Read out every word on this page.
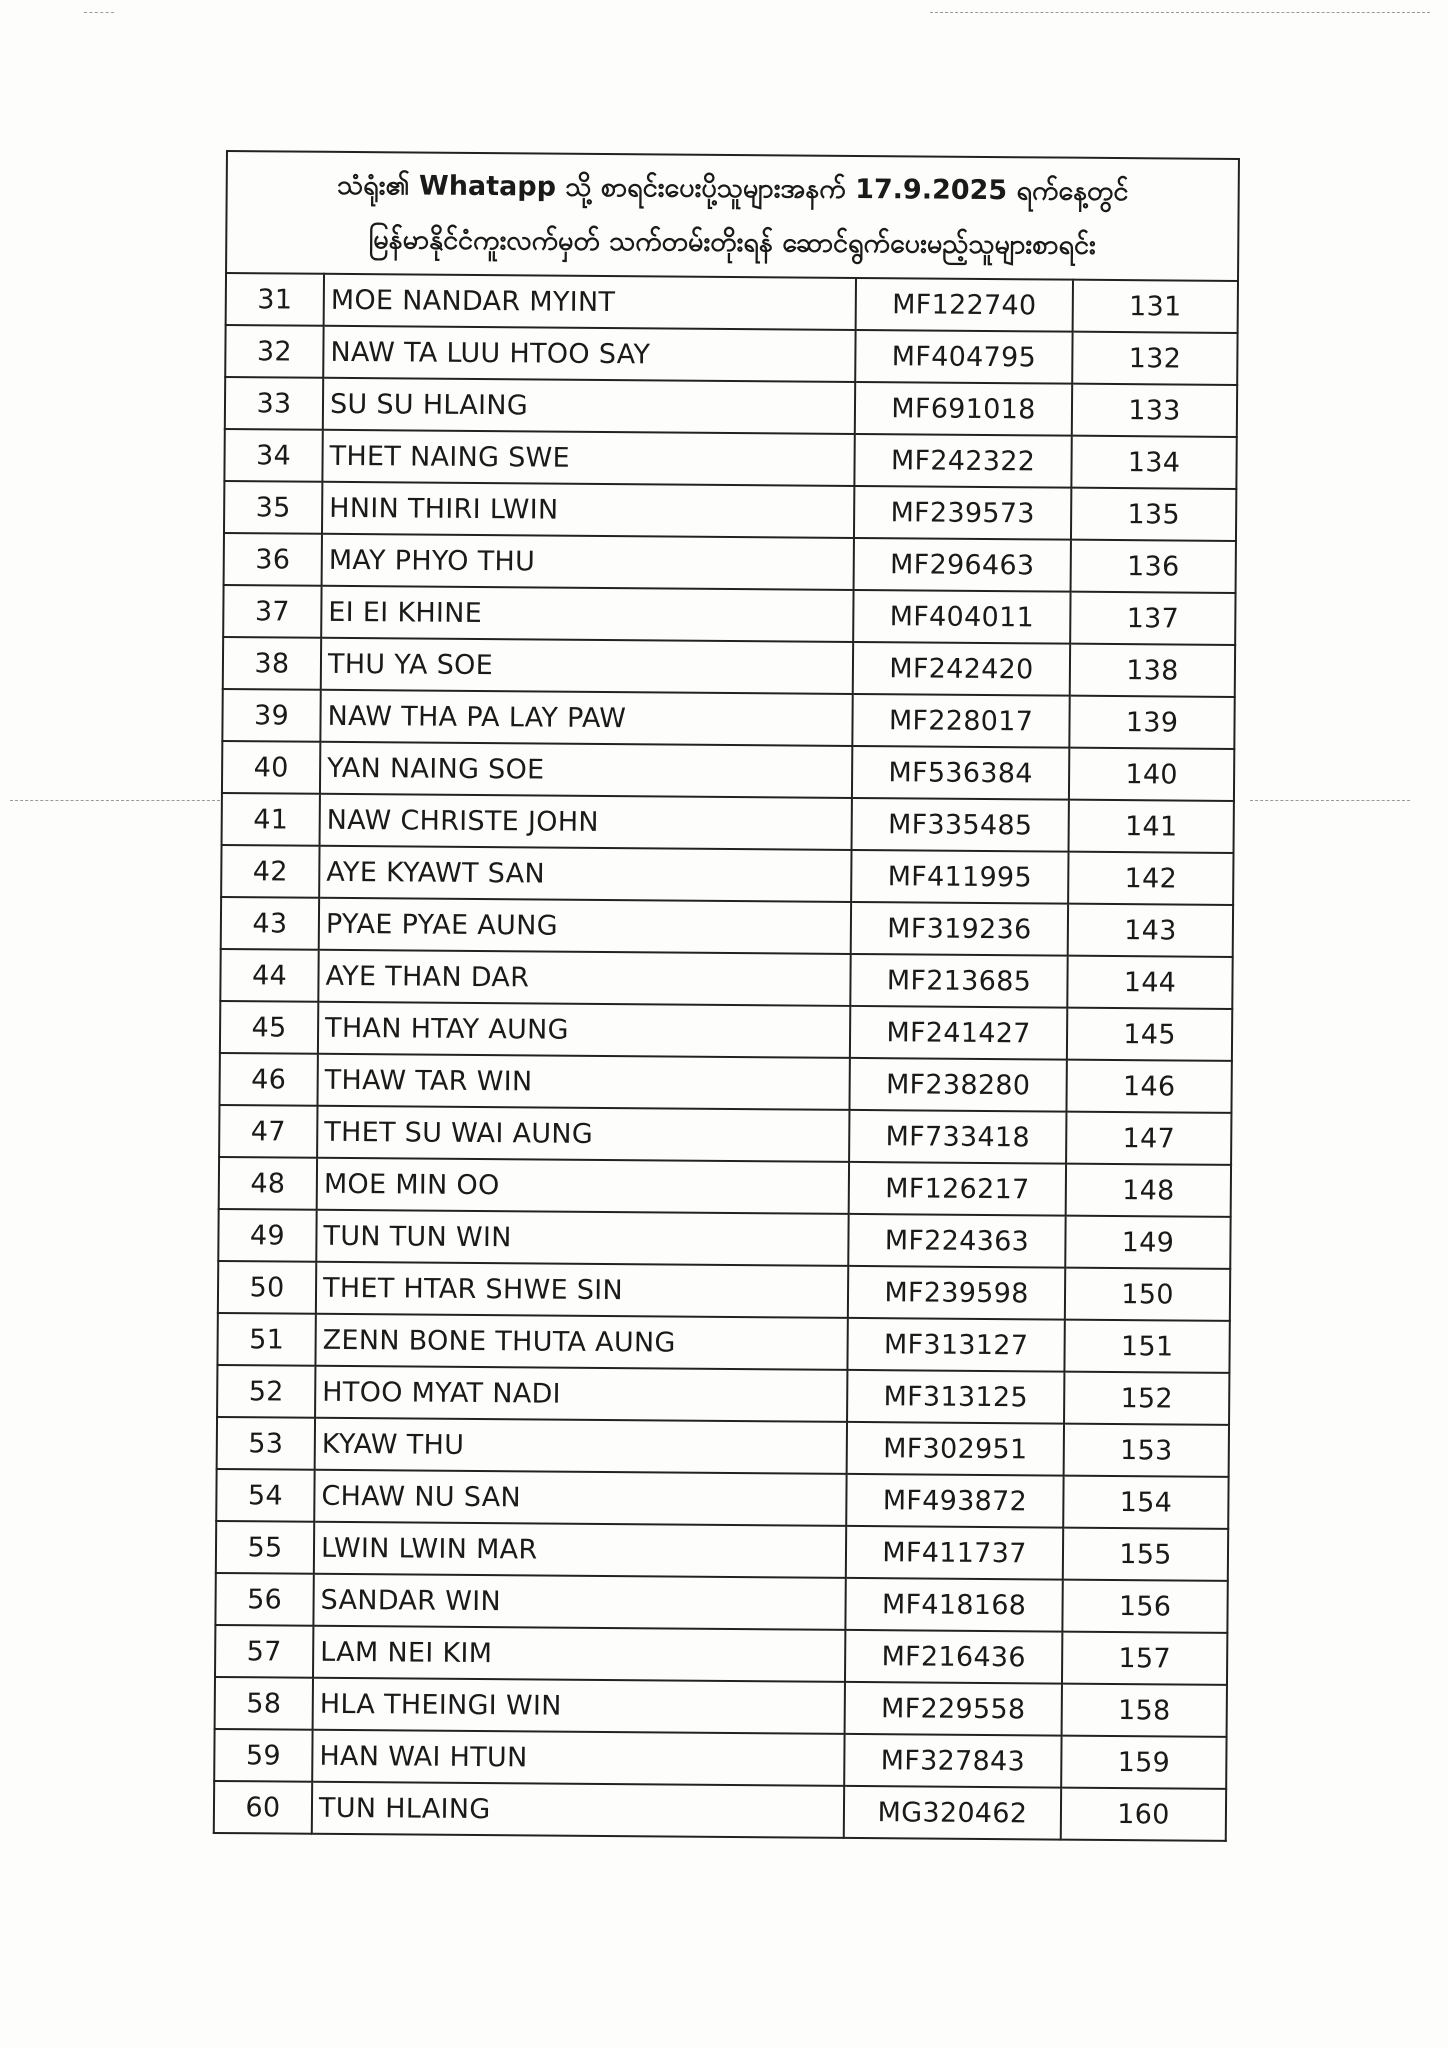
သံရုံး၏ Whatapp သို့ စာရင်းပေးပို့သူများအနက် 17.9.2025 ရက်နေ့တွင်
မြန်မာနိုင်ငံကူးလက်မှတ် သက်တမ်းတိုးရန် ဆောင်ရွက်ပေးမည့်သူများစာရင်း			

31	MOE NANDAR MYINT	MF122740	131
32	NAW TA LUU HTOO SAY	MF404795	132
33	SU SU HLAING	MF691018	133
34	THET NAING SWE	MF242322	134
35	HNIN THIRI LWIN	MF239573	135
36	MAY PHYO THU	MF296463	136
37	EI EI KHINE	MF404011	137
38	THU YA SOE	MF242420	138
39	NAW THA PA LAY PAW	MF228017	139
40	YAN NAING SOE	MF536384	140
41	NAW CHRISTE JOHN	MF335485	141
42	AYE KYAWT SAN	MF411995	142
43	PYAE PYAE AUNG	MF319236	143
44	AYE THAN DAR	MF213685	144
45	THAN HTAY AUNG	MF241427	145
46	THAW TAR WIN	MF238280	146
47	THET SU WAI AUNG	MF733418	147
48	MOE MIN OO	MF126217	148
49	TUN TUN WIN	MF224363	149
50	THET HTAR SHWE SIN	MF239598	150
51	ZENN BONE THUTA AUNG	MF313127	151
52	HTOO MYAT NADI	MF313125	152
53	KYAW THU	MF302951	153
54	CHAW NU SAN	MF493872	154
55	LWIN LWIN MAR	MF411737	155
56	SANDAR WIN	MF418168	156
57	LAM NEI KIM	MF216436	157
58	HLA THEINGI WIN	MF229558	158
59	HAN WAI HTUN	MF327843	159
60	TUN HLAING	MG320462	160
